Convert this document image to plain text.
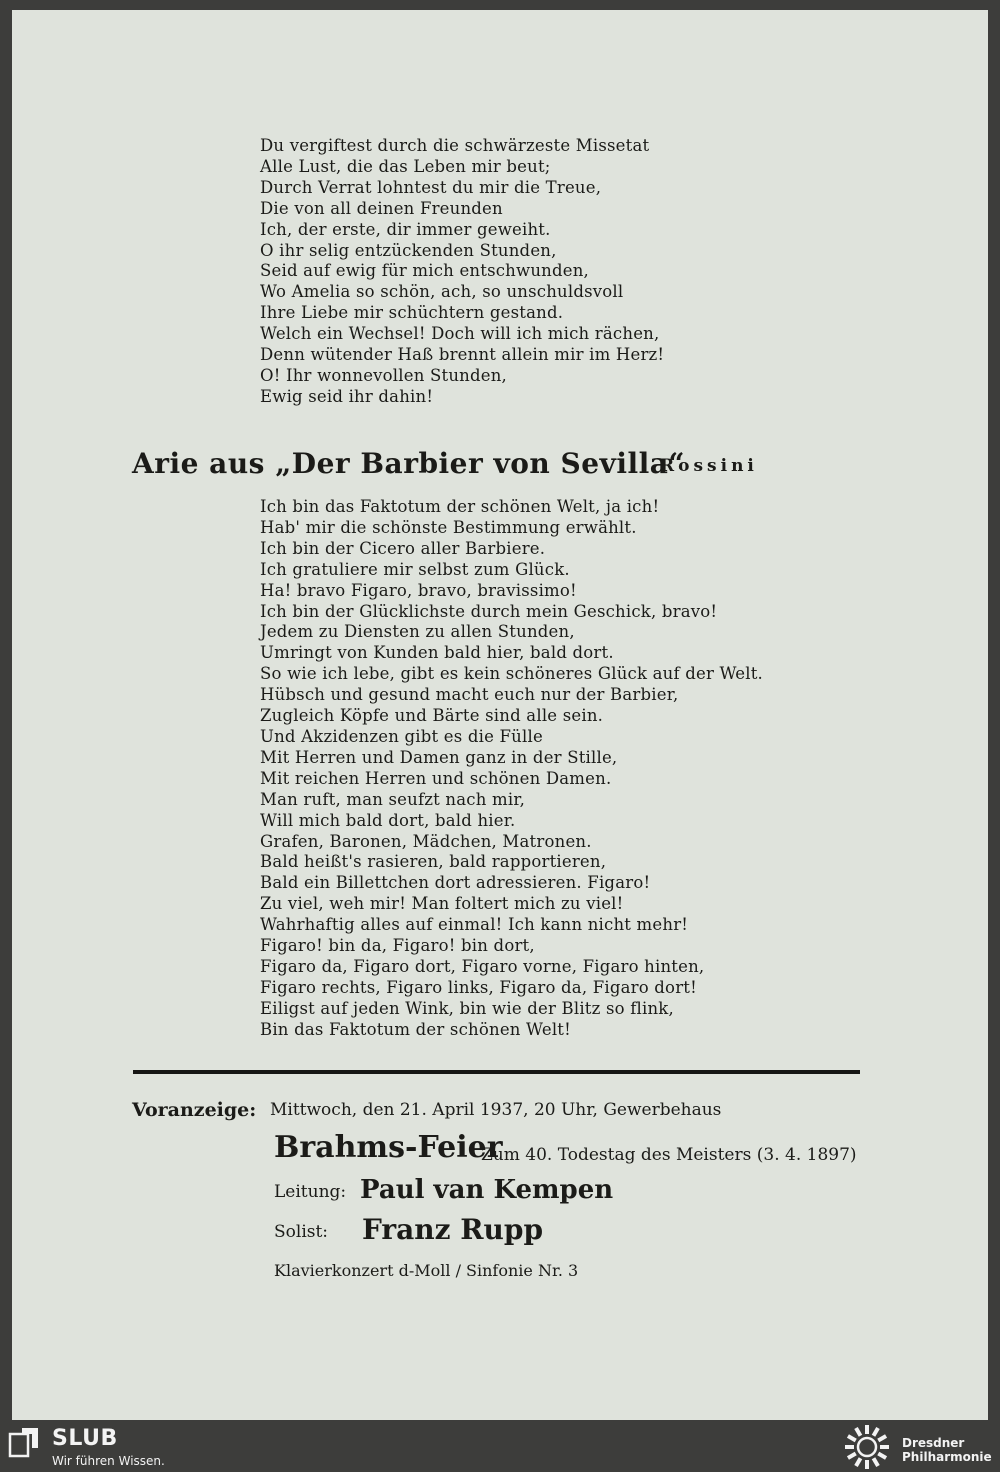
Du vergiftest durch die schwärzeste Missetat
Alle Lust, die das Leben mir beut;
Durch Verrat lohntest du mir die Treue,
Die von all deinen Freunden
Ich, der erste, dir immer geweiht.
O ihr selig entzückenden Stunden,
Seid auf ewig für mich entschwunden,
Wo Amelia so schön, ach, so unschuldsvoll
Ihre Liebe mir schüchtern gestand.
Welch ein Wechsel! Doch will ich mich rächen,
Denn wütender Haß brennt allein mir im Herz!
O! Ihr wonnevollen Stunden,
Ewig seid ihr dahin!
Arie aus „Der Barbier von Sevilla“
Rossini
Ich bin das Faktotum der schönen Welt, ja ich!
Hab' mir die schönste Bestimmung erwählt.
Ich bin der Cicero aller Barbiere.
Ich gratuliere mir selbst zum Glück.
Ha! bravo Figaro, bravo, bravissimo!
Ich bin der Glücklichste durch mein Geschick, bravo!
Jedem zu Diensten zu allen Stunden,
Umringt von Kunden bald hier, bald dort.
So wie ich lebe, gibt es kein schöneres Glück auf der Welt.
Hübsch und gesund macht euch nur der Barbier,
Zugleich Köpfe und Bärte sind alle sein.
Und Akzidenzen gibt es die Fülle
Mit Herren und Damen ganz in der Stille,
Mit reichen Herren und schönen Damen.
Man ruft, man seufzt nach mir,
Will mich bald dort, bald hier.
Grafen, Baronen, Mädchen, Matronen.
Bald heißt's rasieren, bald rapportieren,
Bald ein Billettchen dort adressieren. Figaro!
Zu viel, weh mir! Man foltert mich zu viel!
Wahrhaftig alles auf einmal! Ich kann nicht mehr!
Figaro! bin da, Figaro! bin dort,
Figaro da, Figaro dort, Figaro vorne, Figaro hinten,
Figaro rechts, Figaro links, Figaro da, Figaro dort!
Eiligst auf jeden Wink, bin wie der Blitz so flink,
Bin das Faktotum der schönen Welt!
Voranzeige: Mittwoch, den 21. April 1937, 20 Uhr, Gewerbehaus
Brahms-Feier
Zum 40. Todestag des Meisters (3. 4. 1897)
Leitung: Paul van Kempen
Solist: Franz Rupp
Klavierkonzert d-Moll / Sinfonie Nr. 3
SLUB
Wir führen Wissen.
Dresdner
Philharmonie
